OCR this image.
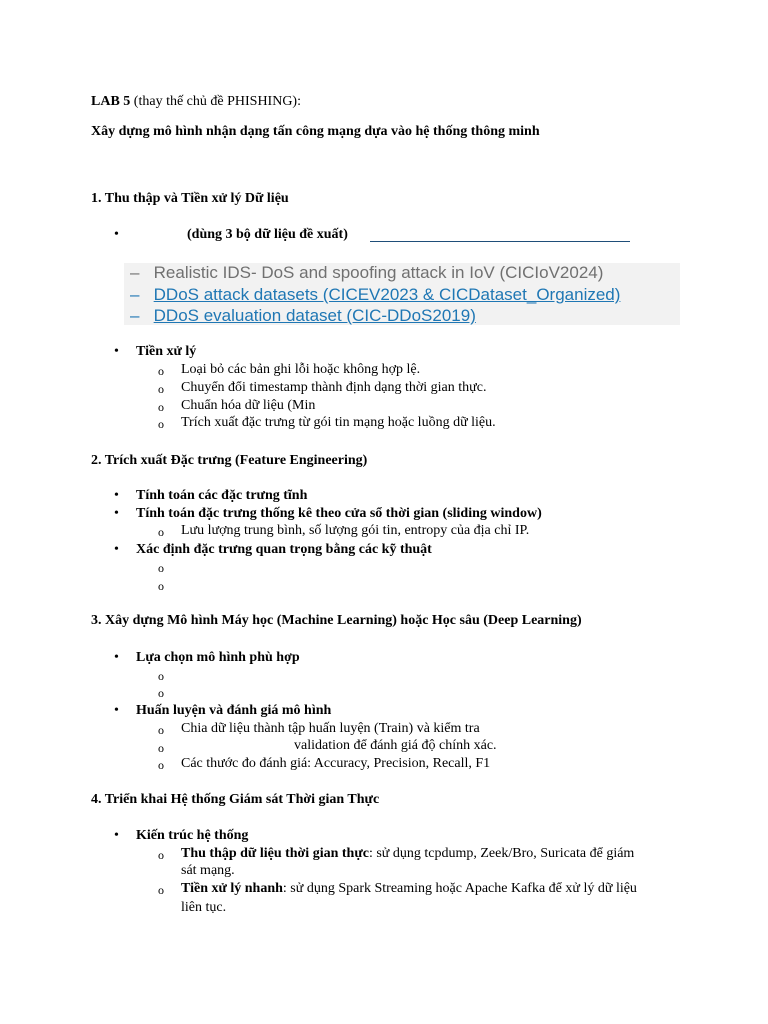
LAB 5 (thay thế chủ đề PHISHING):
Xây dựng mô hình nhận dạng tấn công mạng dựa vào hệ thống thông minh
1. Thu thập và Tiền xử lý Dữ liệu
•	(dùng 3 bộ dữ liệu đề xuất)
– Realistic IDS- DoS and spoofing attack in IoV (CICIoV2024)
– DDoS attack datasets (CICEV2023 & CICDataset_Organized)
– DDoS evaluation dataset (CIC-DDoS2019)
• Tiền xử lý
o Loại bỏ các bản ghi lỗi hoặc không hợp lệ.
o Chuyển đổi timestamp thành định dạng thời gian thực.
o Chuẩn hóa dữ liệu (Min
o Trích xuất đặc trưng từ gói tin mạng hoặc luồng dữ liệu.
2. Trích xuất Đặc trưng (Feature Engineering)
• Tính toán các đặc trưng tĩnh
• Tính toán đặc trưng thống kê theo cửa sổ thời gian (sliding window)
o Lưu lượng trung bình, số lượng gói tin, entropy của địa chỉ IP.
• Xác định đặc trưng quan trọng bằng các kỹ thuật
o
o
3. Xây dựng Mô hình Máy học (Machine Learning) hoặc Học sâu (Deep Learning)
• Lựa chọn mô hình phù hợp
o
o
• Huấn luyện và đánh giá mô hình
o Chia dữ liệu thành tập huấn luyện (Train) và kiểm tra
o	validation để đánh giá độ chính xác.
o Các thước đo đánh giá: Accuracy, Precision, Recall, F1
4. Triển khai Hệ thống Giám sát Thời gian Thực
• Kiến trúc hệ thống
o Thu thập dữ liệu thời gian thực: sử dụng tcpdump, Zeek/Bro, Suricata để giám
sát mạng.
o Tiền xử lý nhanh: sử dụng Spark Streaming hoặc Apache Kafka để xử lý dữ liệu
liên tục.
